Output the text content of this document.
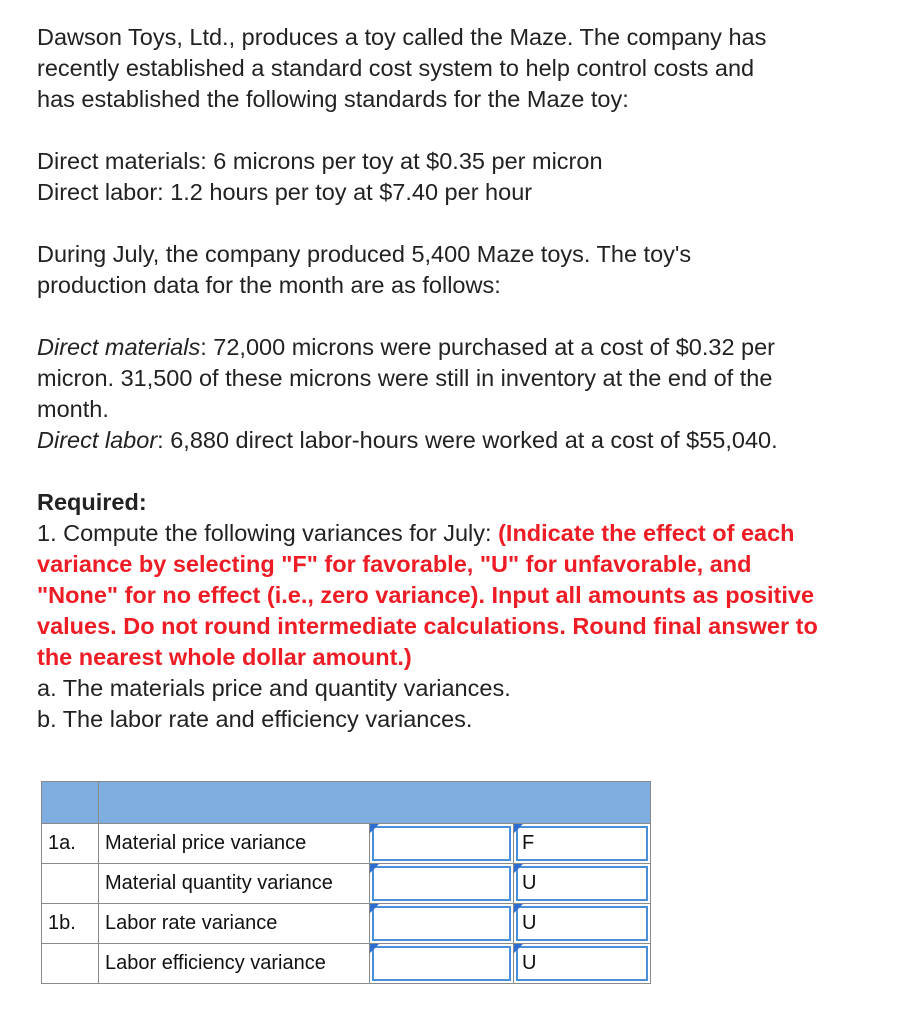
Dawson Toys, Ltd., produces a toy called the Maze. The company has
recently established a standard cost system to help control costs and
has established the following standards for the Maze toy:

Direct materials: 6 microns per toy at $0.35 per micron
Direct labor: 1.2 hours per toy at $7.40 per hour

During July, the company produced 5,400 Maze toys. The toy's
production data for the month are as follows:

Direct materials: 72,000 microns were purchased at a cost of $0.32 per
micron. 31,500 of these microns were still in inventory at the end of the
month.
Direct labor: 6,880 direct labor-hours were worked at a cost of $55,040.

Required:
1. Compute the following variances for July: (Indicate the effect of each
variance by selecting "F" for favorable, "U" for unfavorable, and
"None" for no effect (i.e., zero variance). Input all amounts as positive
values. Do not round intermediate calculations. Round final answer to
the nearest whole dollar amount.)
a. The materials price and quantity variances.
b. The labor rate and efficiency variances.

1a.	Material price variance		F

	Material quantity variance		U

1b.	Labor rate variance		U

	Labor efficiency variance		U
